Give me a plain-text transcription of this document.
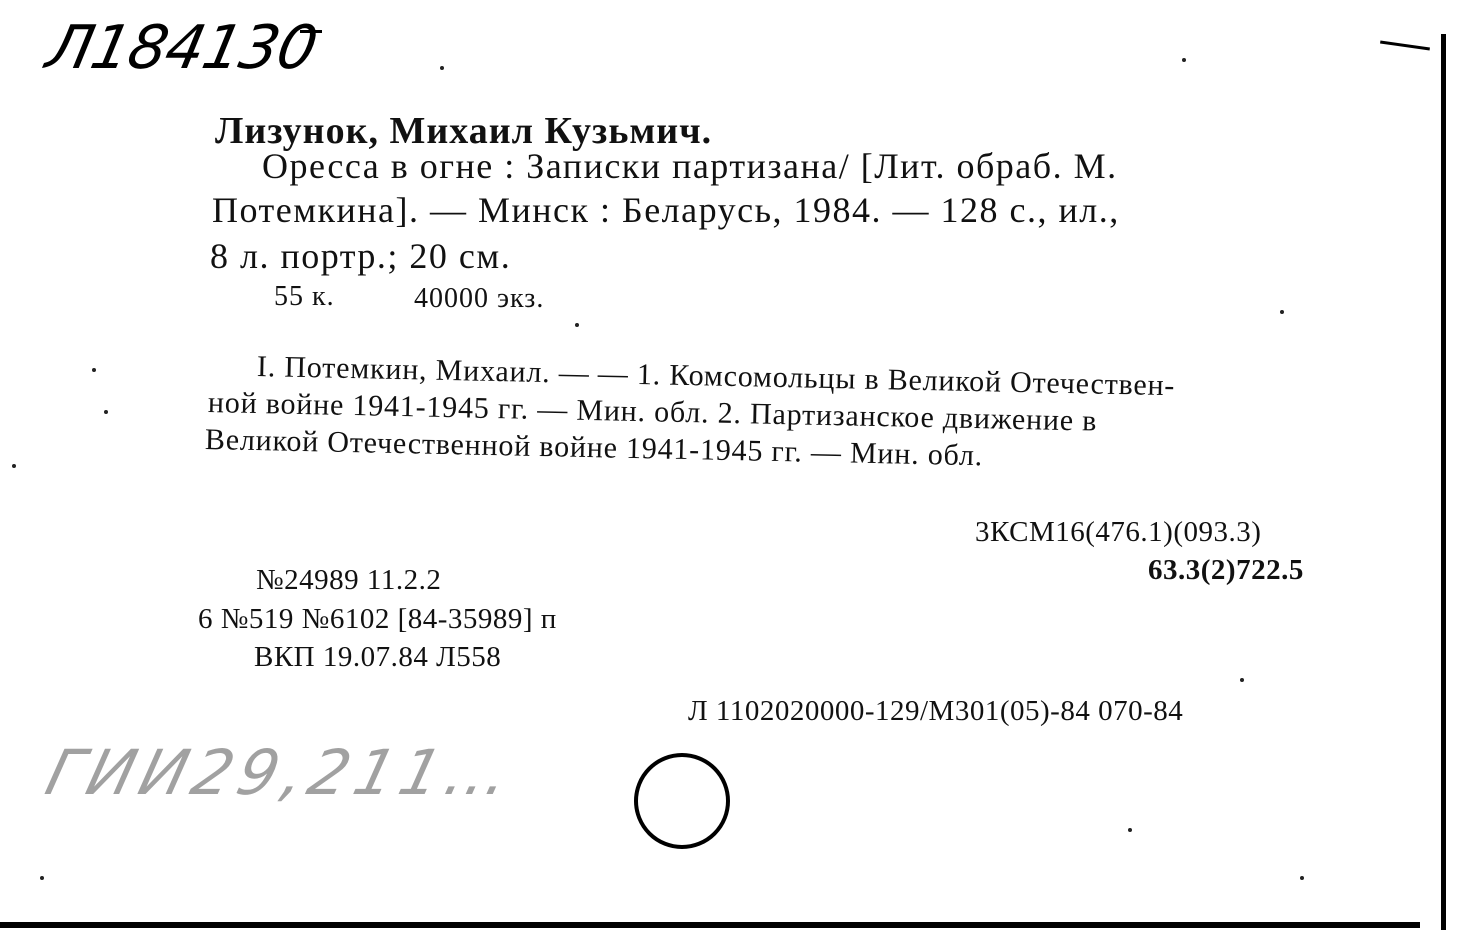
Л184130
Лизунок, Михаил Кузьмич.
Оресса в огне : Записки партизана/ [Лит. обраб. М.
Потемкина]. — Минск : Беларусь, 1984. — 128 с., ил.,
8 л. портр.; 20 см.
55 к.	40000 экз.
I. Потемкин, Михаил. — — 1. Комсомольцы в Великой Отечествен-
ной войне 1941-1945 гг. — Мин. обл. 2. Партизанское движение в
Великой Отечественной войне 1941-1945 гг. — Мин. обл.
3КСМ16(476.1)(093.3)
63.3(2)722.5
№24989 11.2.2
6 №519 №6102 [84-35989] п
ВКП 19.07.84 Л558
Л 1102020000-129/М301(05)-84 070-84
ГИИ29,211…
